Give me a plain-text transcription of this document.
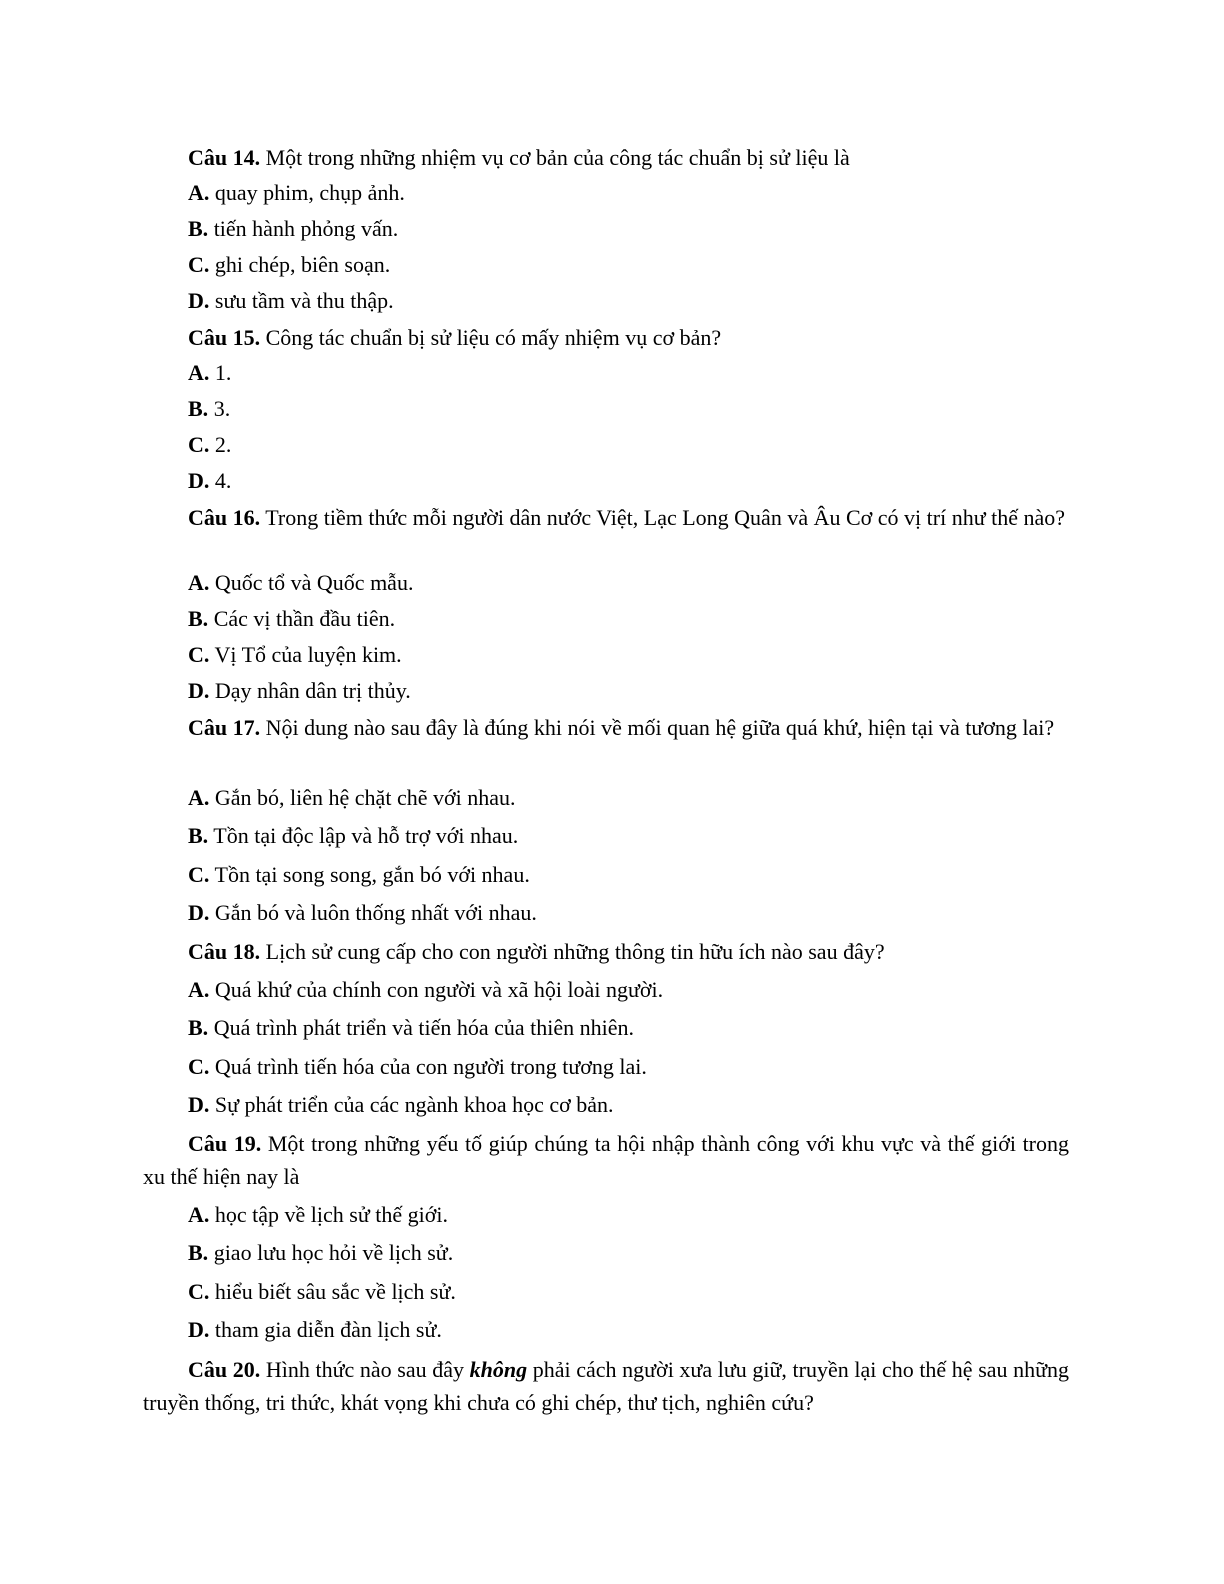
Câu 14. Một trong những nhiệm vụ cơ bản của công tác chuẩn bị sử liệu là

A. quay phim, chụp ảnh.

B. tiến hành phỏng vấn.

C. ghi chép, biên soạn.

D. sưu tầm và thu thập.

Câu 15. Công tác chuẩn bị sử liệu có mấy nhiệm vụ cơ bản?

A. 1.

B. 3.

C. 2.

D. 4.

Câu 16. Trong tiềm thức mỗi người dân nước Việt, Lạc Long Quân và Âu Cơ có vị trí như thế nào?

A. Quốc tổ và Quốc mẫu.

B. Các vị thần đầu tiên.

C. Vị Tổ của luyện kim.

D. Dạy nhân dân trị thủy.

Câu 17. Nội dung nào sau đây là đúng khi nói về mối quan hệ giữa quá khứ, hiện tại và tương lai?

A. Gắn bó, liên hệ chặt chẽ với nhau.

B. Tồn tại độc lập và hỗ trợ với nhau.

C. Tồn tại song song, gắn bó với nhau.

D. Gắn bó và luôn thống nhất với nhau.

Câu 18. Lịch sử cung cấp cho con người những thông tin hữu ích nào sau đây?

A. Quá khứ của chính con người và xã hội loài người.

B. Quá trình phát triển và tiến hóa của thiên nhiên.

C. Quá trình tiến hóa của con người trong tương lai.

D. Sự phát triển của các ngành khoa học cơ bản.

Câu 19. Một trong những yếu tố giúp chúng ta hội nhập thành công với khu vực và thế giới trong xu thế hiện nay là

A. học tập về lịch sử thế giới.

B. giao lưu học hỏi về lịch sử.

C. hiểu biết sâu sắc về lịch sử.

D. tham gia diễn đàn lịch sử.

Câu 20. Hình thức nào sau đây không phải cách người xưa lưu giữ, truyền lại cho thế hệ sau những truyền thống, tri thức, khát vọng khi chưa có ghi chép, thư tịch, nghiên cứu?
